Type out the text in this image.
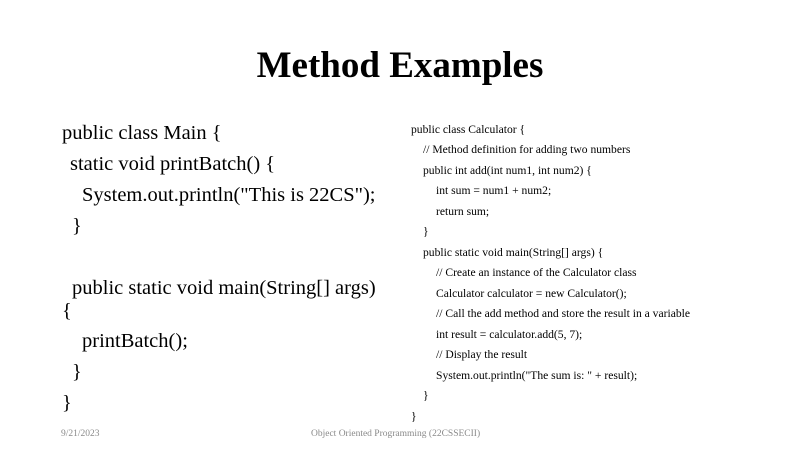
Method Examples
public class Main {
static void printBatch() {
System.out.println("This is 22CS");
}
public static void main(String[] args)
{
printBatch();
}
}
public class Calculator {
// Method definition for adding two numbers
public int add(int num1, int num2) {
int sum = num1 + num2;
return sum;
}
public static void main(String[] args) {
// Create an instance of the Calculator class
Calculator calculator = new Calculator();
// Call the add method and store the result in a variable
int result = calculator.add(5, 7);
// Display the result
System.out.println("The sum is: " + result);
}
}
9/21/2023	Object Oriented Programming (22CSSECII)
